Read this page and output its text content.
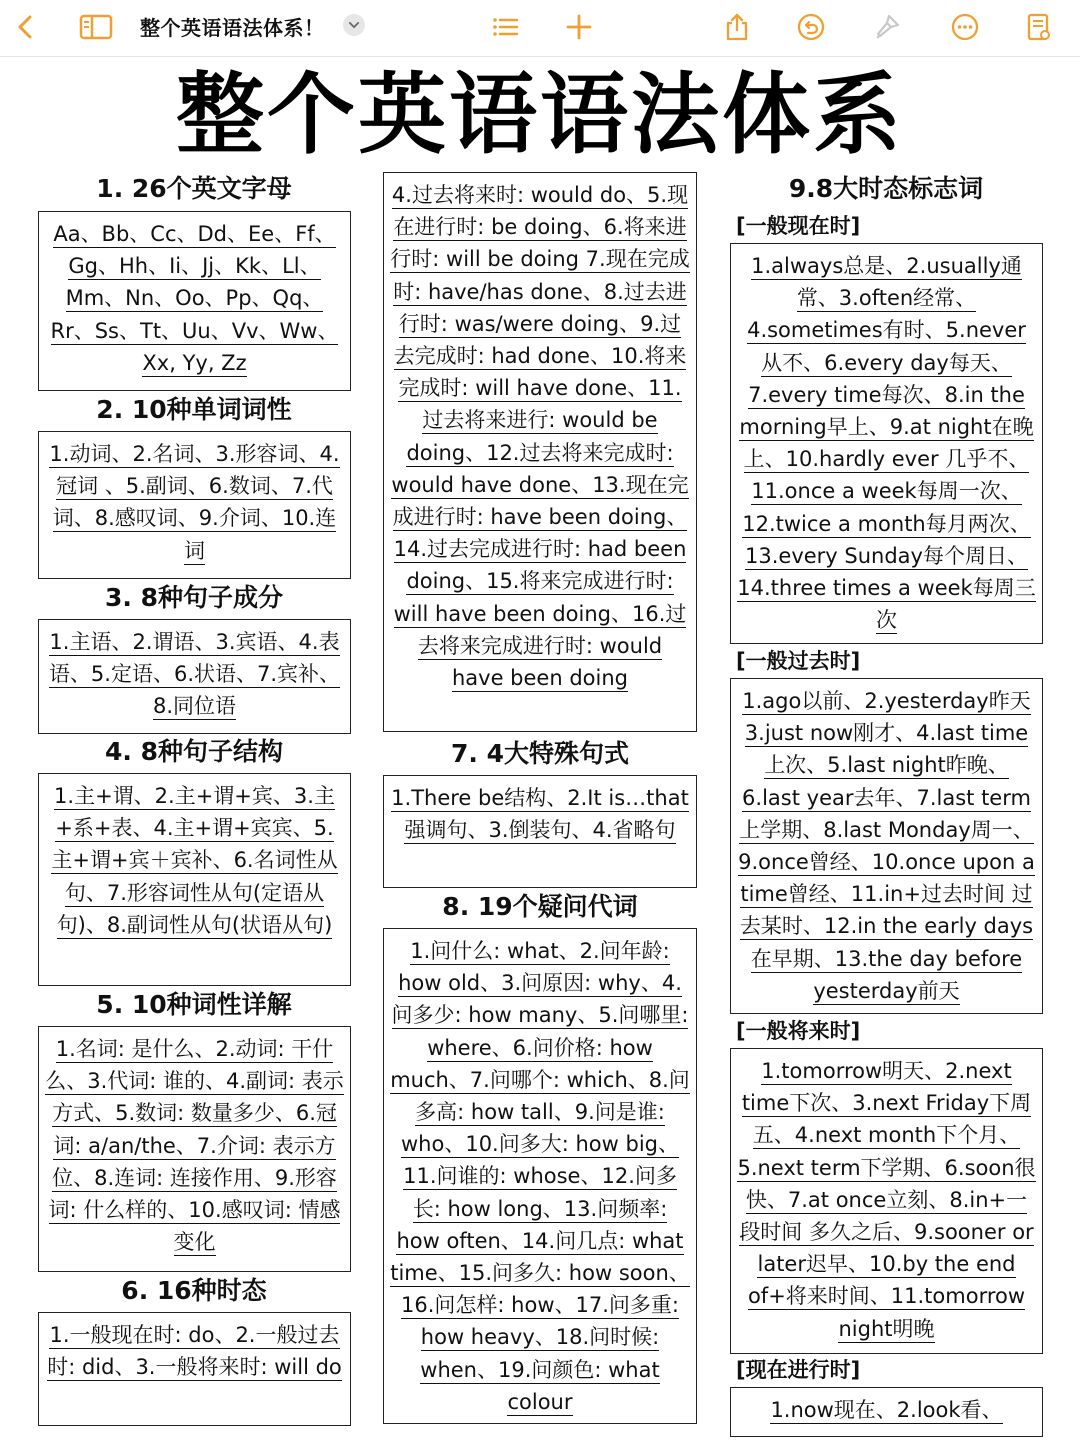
整个英语语法体系！
整个英语语法体系
1. 26个英文字母
Aa、Bb、Cc、Dd、Ee、Ff、Gg、Hh、Ii、Jj、Kk、Ll、Mm、Nn、Oo、Pp、Qq、Rr、Ss、Tt、Uu、Vv、Ww、Xx, Yy, Zz
2. 10种单词词性
1.动词、2.名词、3.形容词、4.冠词 、5.副词、6.数词、7.代词、8.感叹词、9.介词、10.连词
3. 8种句子成分
1.主语、2.谓语、3.宾语、4.表语、5.定语、6.状语、7.宾补、8.同位语
4. 8种句子结构
1.主+谓、2.主+谓+宾、3.主+系+表、4.主+谓+宾宾、5.主+谓+宾＋宾补、6.名词性从句、7.形容词性从句(定语从句)、8.副词性从句(状语从句)
5. 10种词性详解
1.名词: 是什么、2.动词: 干什么、3.代词: 谁的、4.副词: 表示方式、5.数词: 数量多少、6.冠词: a/an/the、7.介词: 表示方位、8.连词: 连接作用、9.形容词: 什么样的、10.感叹词: 情感变化
6. 16种时态
1.一般现在时: do、2.一般过去时: did、3.一般将来时: will do
4.过去将来时: would do、5.现在进行时: be doing、6.将来进行时: will be doing 7.现在完成时: have/has done、8.过去进行时: was/were doing、9.过去完成时: had done、10.将来完成时: will have done、11.过去将来进行: would be doing、12.过去将来完成时: would have done、13.现在完成进行时: have been doing、14.过去完成进行时: had been doing、15.将来完成进行时: will have been doing、16.过去将来完成进行时: would have been doing
7. 4大特殊句式
1.There be结构、2.It is…that强调句、3.倒装句、4.省略句
8. 19个疑问代词
1.问什么: what、2.问年龄: how old、3.问原因: why、4.问多少: how many、5.问哪里: where、6.问价格: how much、7.问哪个: which、8.问多高: how tall、9.问是谁: who、10.问多大: how big、11.问谁的: whose、12.问多长: how long、13.问频率: how often、14.问几点: what time、15.问多久: how soon、16.问怎样: how、17.问多重: how heavy、18.问时候: when、19.问颜色: what colour
9.8大时态标志词
[一般现在时]
1.always总是、2.usually通常、3.often经常、4.sometimes有时、5.never从不、6.every day每天、7.every time每次、8.in the morning早上、9.at night在晚上、10.hardly ever 几乎不、11.once a week每周一次、12.twice a month每月两次、13.every Sunday每个周日、14.three times a week每周三次
[一般过去时]
1.ago以前、2.yesterday昨天 3.just now刚才、4.last time上次、5.last night昨晚、6.last year去年、7.last term上学期、8.last Monday周一、9.once曾经、10.once upon a time曾经、11.in+过去时间 过去某时、12.in the early days在早期、13.the day before yesterday前天
[一般将来时]
1.tomorrow明天、2.next time下次、3.next Friday下周五、4.next month下个月、5.next term下学期、6.soon很快、7.at once立刻、8.in+一段时间 多久之后、9.sooner or later迟早、10.by the end of+将来时间、11.tomorrow night明晚
[现在进行时]
1.now现在、2.look看、
